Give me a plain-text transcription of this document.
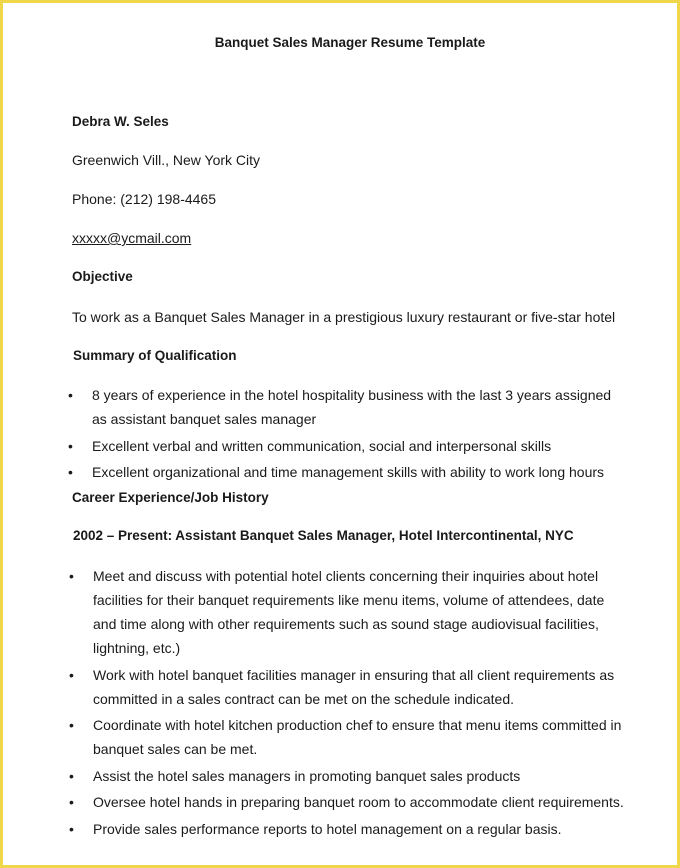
Banquet Sales Manager Resume Template
Debra W. Seles
Greenwich Vill., New York City
Phone: (212) 198-4465
xxxxx@ycmail.com
Objective
To work as a Banquet Sales Manager in a prestigious luxury restaurant or five-star hotel
Summary of Qualification
• 8 years of experience in the hotel hospitality business with the last 3 years assigned
as assistant banquet sales manager
• Excellent verbal and written communication, social and interpersonal skills
• Excellent organizational and time management skills with ability to work long hours
Career Experience/Job History
2002 – Present: Assistant Banquet Sales Manager, Hotel Intercontinental, NYC
• Meet and discuss with potential hotel clients concerning their inquiries about hotel
facilities for their banquet requirements like menu items, volume of attendees, date
and time along with other requirements such as sound stage audiovisual facilities,
lightning, etc.)
• Work with hotel banquet facilities manager in ensuring that all client requirements as
committed in a sales contract can be met on the schedule indicated.
• Coordinate with hotel kitchen production chef to ensure that menu items committed in
banquet sales can be met.
• Assist the hotel sales managers in promoting banquet sales products
• Oversee hotel hands in preparing banquet room to accommodate client requirements.
• Provide sales performance reports to hotel management on a regular basis.
